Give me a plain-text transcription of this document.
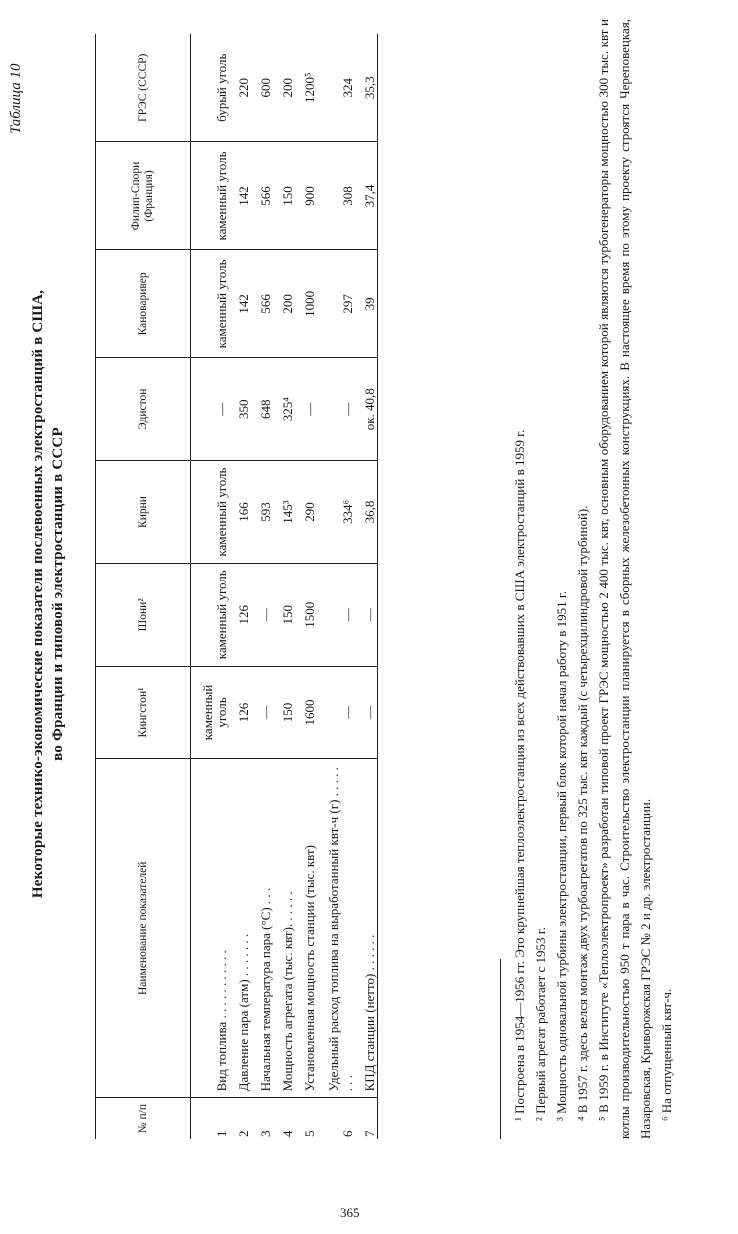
Таблица 10
Некоторые технико-экономические показатели послевоенных электростанций в США, во Франции и типовой электростанции в СССР
№ п/п	Наименование показателей	Кингстон¹	Шони²	Кирни	Эдистон	Кановаривер	Филип-Спори (Франция)	ГРЭС (СССР)
1	Вид топлива . . . . . . . . . . .	каменный уголь	каменный уголь	каменный уголь	—	каменный уголь	каменный уголь	бурый уголь
2	Давление пара (атм) . . . . . . .	126	126	166	350	142	142	220
3	Начальная температура пара (°С) . . .	—	—	593	648	566	566	600
4	Мощность агрегата (тыс. квт). . . . . .	150	150	145³	325⁴	200	150	200
5	Установленная мощность станции (тыс. квт)	1600	1500	290	—	1000	900	1200⁵
6	Удельный расход топлива на выработанный квт-ч (г) . . . . . . . .	—	—	334⁶	—	297	308	324
7	КПД станции (нетто) . . . . . .	—	—	36,8	ок. 40,8	39	37,4	35,3

¹ Построена в 1954—1956 гг. Это крупнейшая теплоэлектростанция из всех действовавших в США электростанций в 1959 г. ² Первый агрегат работает с 1953 г. ³ Мощность одновальной турбины электростанции, первый блок которой начал работу в 1951 г. ⁴ В 1957 г. здесь велся монтаж двух турбоагрегатов по 325 тыс. квт каждый (с четырехцилиндровой турбиной). ⁵ В 1959 г. в Институте «Теплоэлектропроект» разработан типовой проект ГРЭС мощностью 2 400 тыс. квт, основным оборудованием которой являются турбогенераторы мощностью 300 тыс. квт и котлы производительностью 950 т пара в час. Строительство электростанции планируется в сборных железобетонных конструкциях. В настоящее время по этому проекту строятся Череповецкая, Назаровская, Криворожская ГРЭС № 2 и др. электростанции. ⁶ На отпущенный квт-ч.

365
